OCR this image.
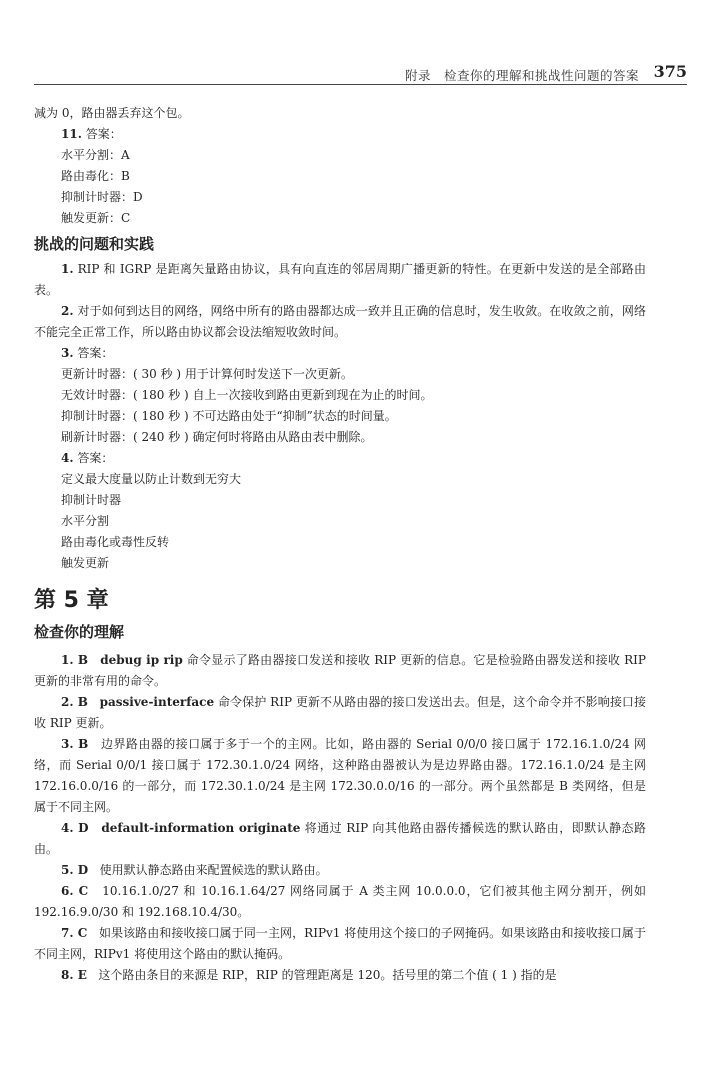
附录　检查你的理解和挑战性问题的答案 375
减为 0，路由器丢弃这个包。
11. 答案：
水平分割：A
路由毒化：B
抑制计时器：D
触发更新：C
挑战的问题和实践
1. RIP 和 IGRP 是距离矢量路由协议，具有向直连的邻居周期广播更新的特性。在更新中发送的是全部路由表。
2. 对于如何到达目的网络，网络中所有的路由器都达成一致并且正确的信息时，发生收敛。在收敛之前，网络不能完全正常工作，所以路由协议都会设法缩短收敛时间。
3. 答案：
更新计时器：( 30 秒 ) 用于计算何时发送下一次更新。
无效计时器：( 180 秒 ) 自上一次接收到路由更新到现在为止的时间。
抑制计时器：( 180 秒 ) 不可达路由处于“抑制”状态的时间量。
刷新计时器：( 240 秒 ) 确定何时将路由从路由表中删除。
4. 答案：
定义最大度量以防止计数到无穷大
抑制计时器
水平分割
路由毒化或毒性反转
触发更新
第 5 章
检查你的理解
1. B debug ip rip 命令显示了路由器接口发送和接收 RIP 更新的信息。它是检验路由器发送和接收 RIP 更新的非常有用的命令。
2. B passive-interface 命令保护 RIP 更新不从路由器的接口发送出去。但是，这个命令并不影响接口接收 RIP 更新。
3. B 边界路由器的接口属于多于一个的主网。比如，路由器的 Serial 0/0/0 接口属于 172.16.1.0/24 网络，而 Serial 0/0/1 接口属于 172.30.1.0/24 网络，这种路由器被认为是边界路由器。172.16.1.0/24 是主网 172.16.0.0/16 的一部分，而 172.30.1.0/24 是主网 172.30.0.0/16 的一部分。两个虽然都是 B 类网络，但是属于不同主网。
4. D default-information originate 将通过 RIP 向其他路由器传播候选的默认路由，即默认静态路由。
5. D 使用默认静态路由来配置候选的默认路由。
6. C 10.16.1.0/27 和 10.16.1.64/27 网络同属于 A 类主网 10.0.0.0，它们被其他主网分割开，例如 192.16.9.0/30 和 192.168.10.4/30。
7. C 如果该路由和接收接口属于同一主网，RIPv1 将使用这个接口的子网掩码。如果该路由和接收接口属于不同主网，RIPv1 将使用这个路由的默认掩码。
8. E 这个路由条目的来源是 RIP，RIP 的管理距离是 120。括号里的第二个值 ( 1 ) 指的是
